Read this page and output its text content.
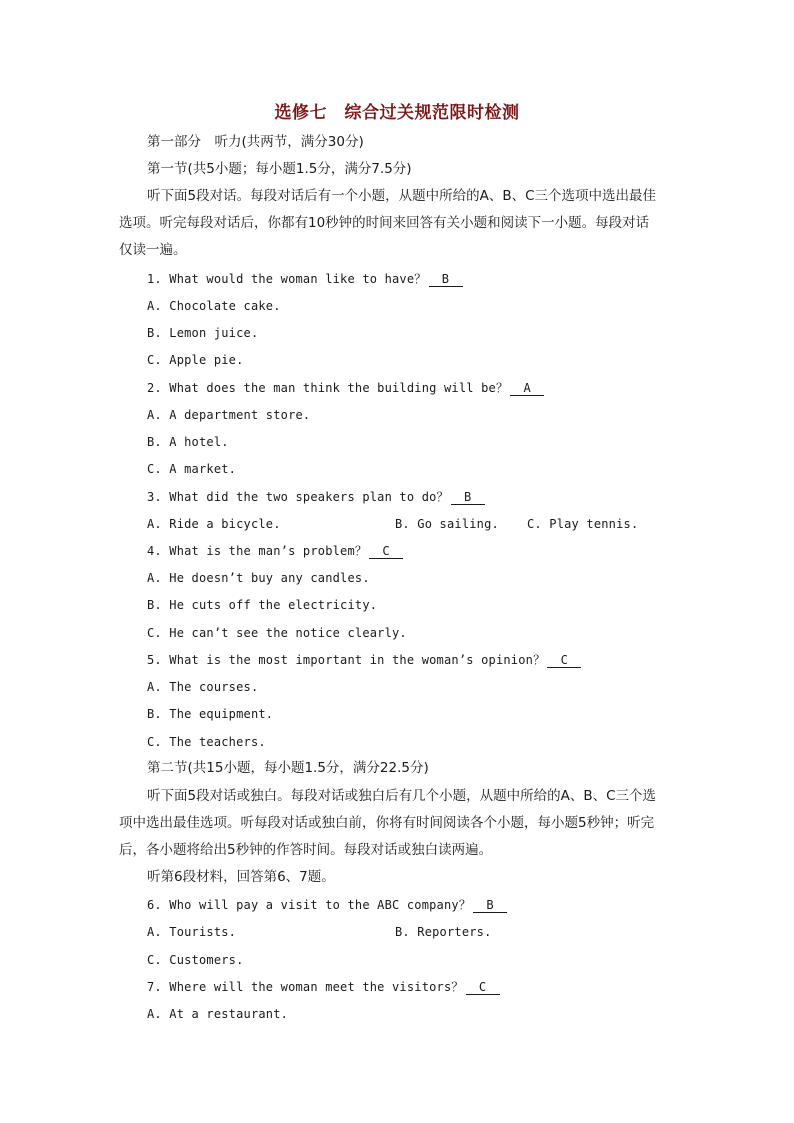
选修七　综合过关规范限时检测
第一部分　听力(共两节，满分30分)
第一节(共5小题；每小题1.5分，满分7.5分)
听下面5段对话。每段对话后有一个小题，从题中所给的A、B、C三个选项中选出最佳
选项。听完每段对话后，你都有10秒钟的时间来回答有关小题和阅读下一小题。每段对话
仅读一遍。
1. What would the woman like to have？ B
A. Chocolate cake.
B. Lemon juice.
C. Apple pie.
2. What does the man think the building will be？ A
A. A department store.
B. A hotel.
C. A market.
3. What did the two speakers plan to do？ B
A. Ride a bicycle.	B. Go sailing. C. Play tennis.
4. What is the man’s problem？ C
A. He doesn’t buy any candles.
B. He cuts off the electricity.
C. He can’t see the notice clearly.
5. What is the most important in the woman’s opinion？ C
A. The courses.
B. The equipment.
C. The teachers.
第二节(共15小题，每小题1.5分，满分22.5分)
听下面5段对话或独白。每段对话或独白后有几个小题，从题中所给的A、B、C三个选
项中选出最佳选项。听每段对话或独白前，你将有时间阅读各个小题，每小题5秒钟；听完
后，各小题将给出5秒钟的作答时间。每段对话或独白读两遍。
听第6段材料，回答第6、7题。
6. Who will pay a visit to the ABC company？ B
A. Tourists.	B. Reporters.
C. Customers.
7. Where will the woman meet the visitors？ C
A. At a restaurant.
